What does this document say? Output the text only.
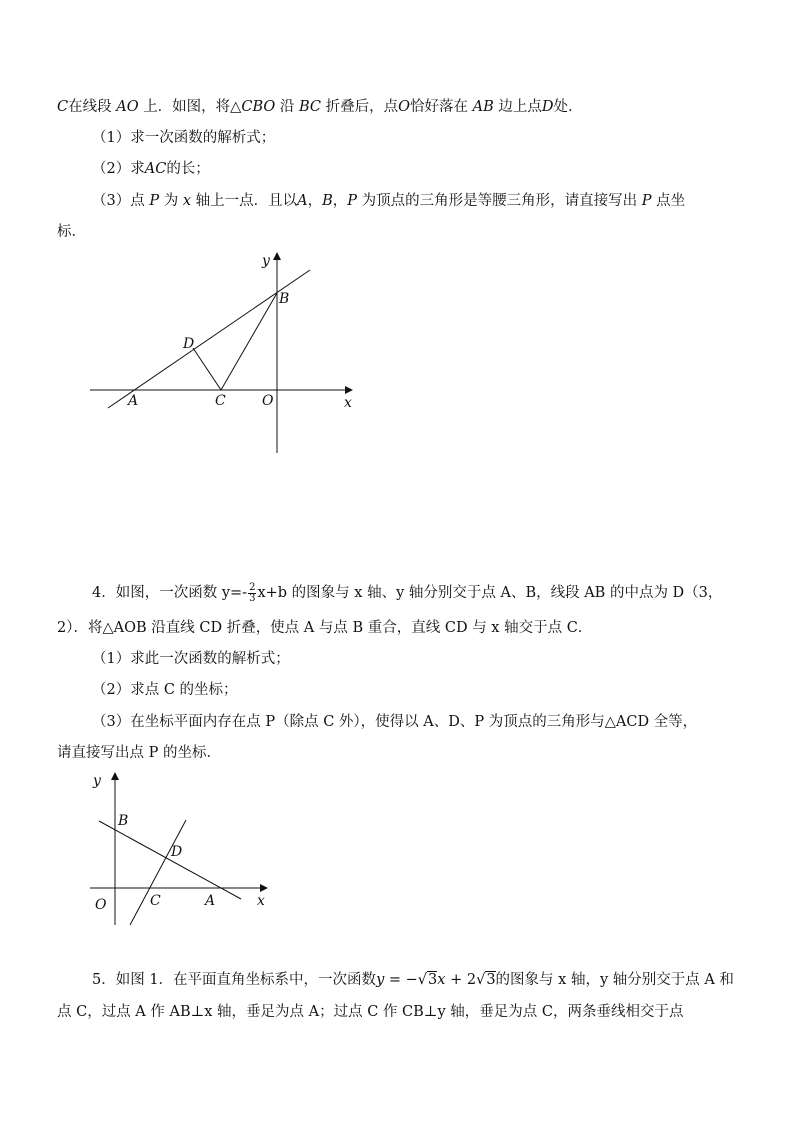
C在线段 AO 上．如图，将△CBO 沿 BC 折叠后，点O恰好落在 AB 边上点D处．
（1）求一次函数的解析式；
（2）求AC的长；
（3）点 P 为 x 轴上一点．且以A，B，P 为顶点的三角形是等腰三角形，请直接写出 P 点坐
标．
y
B
D
A	C	O	x
4．如图，一次函数 $y=- \frac{2}{3} x+b$ 的图象与 x 轴、y 轴分别交于点 A、B，线段 AB 的中点为 D（3，
2）．将△AOB 沿直线 CD 折叠，使点 A 与点 B 重合，直线 CD 与 x 轴交于点 C．
（1）求此一次函数的解析式；
（2）求点 C 的坐标；
（3）在坐标平面内存在点 P（除点 C 外），使得以 A、D、P 为顶点的三角形与△ACD 全等，
请直接写出点 P 的坐标．
y
B
D
O	C	A	x
5．如图 1．在平面直角坐标系中，一次函数y = −√3x + 2√3的图象与 x 轴，y 轴分别交于点 A 和
点 C，过点 A 作 AB⊥x 轴，垂足为点 A；过点 C 作 CB⊥y 轴，垂足为点 C，两条垂线相交于点
